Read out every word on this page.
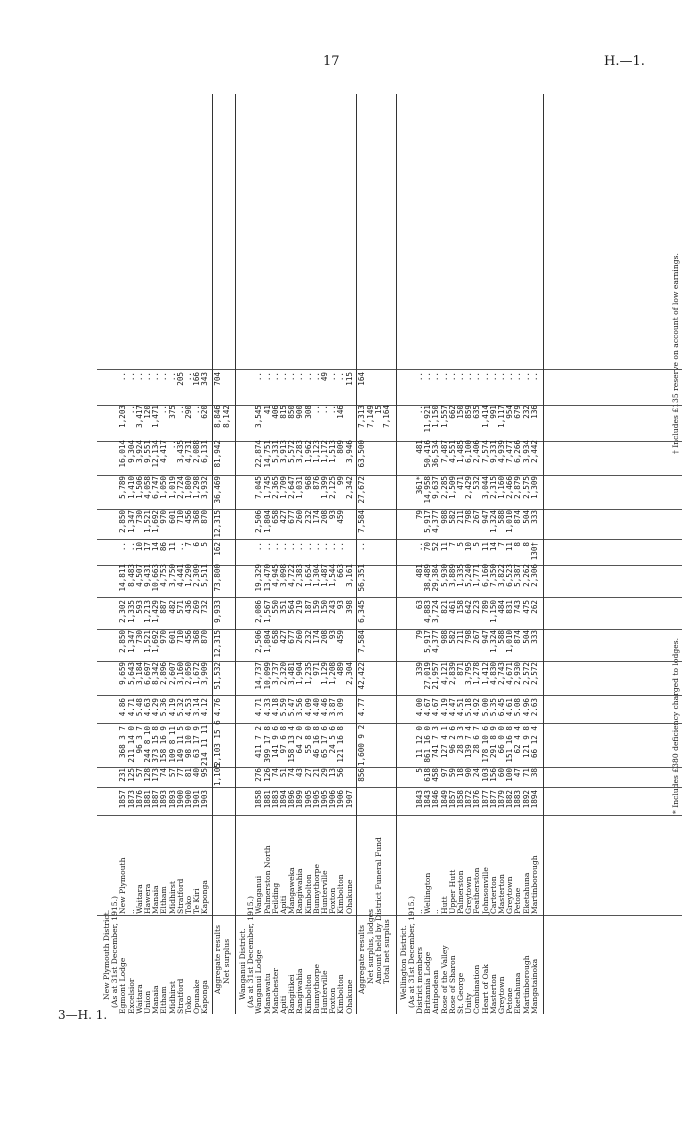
17	H.—1.
3—H. 1.
* Includes £380 deficiency charged to lodges.
† Includes £135 reserve on account of low earnings.
New Plymouth District. (As at 31st December, 1915.) Egmont Lodge
New Plymouth
1857
231
368 3 7
4.86
9,659
2,850
2,302
14,811
..
2,850
5,789
16,014
1,203
..
Excelsior
..
1873
125
211 14 0
4.71
5,643
1,347
1,335
8,483
..
1,347
1,410
9,304
..
..
Waitara
Waitara
1876
57
96 3 7
5.48
3,184
730
593
4,507
10
730
1,506
3,924
3,417
..
Union
Hawera
1881
128
244 8 10
4.63
6,697
1,521
1,213
9,431
17
1,521
4,058
9,551
120
..
Manaia
Manaia
1887
173
373 15 8
4.29
8,342
1,692
1,429
10,663
14
1,692
6,747
12,134
1,471
..
Eltham
Eltham
1893
74
158 16 9
5.36
2,896
970
887
4,753
86
970
1,050
4,417
..
..
Midhirst
Midhirst
1893
57
109 8 11
4.19
2,607
601
482
3,750
11
601
1,019
..
375
..
Stratford
Stratford
1900
77
149 11 5
5.32
3,160
710
571
4,441
..
710
2,724
3,435
..
205
Toko
Toko
1900
81
98 10 0
4.53
2,050
456
436
1,290
7
456
1,800
4,731
290
..
Opunake
Te Kiri
1901
40
63 17 9
3.14
1,672
368
269
2,309
6
368
1,298
2,088
..
166
Kaponga
Kaponga
1903
95
214 11 11
4.12
3,909
870
732
5,511
5
870
3,932
6,131
620
343
Aggregate results
1,105
2,103 15 6
4.76
51,532
12,315
9,933
73,800
162
12,315
36,469
81,942
8,846
704
Net surplus
8,142
Wanganui District. (As at 31st December, 1915.) Wanganui Lodge
Wanganui
1858
276
411 7 2
4.71
14,737
2,506
2,086
19,329
..
2,506
7,045
22,874
3,545
..
Manawatu
Palmerston North
1881
126
399 17 8
4.33
10,099
1,804
1,567
13,470
..
1,804
1,745
14,751
41
..
Manchester
Feilding
1883
74
141 9 6
4.18
3,737
658
550
4,945
..
658
2,365
5,331
406
..
Apiti
Apiti
1894
51
97 6 8
5.59
2,320
427
351
3,098
..
427
1,709
3,913
815
..
Rangitikei
Mangaweka
1896
74
158 13 4
5.47
3,481
677
564
4,722
..
677
2,647
5,572
850
..
Rangiwahia
Rangiwahia
1899
43
64 2 0
3.56
1,904
260
219
2,383
..
260
1,031
3,283
900
..
Kimbolton
Kimbolton
1905
27
55 8 0
4.09
1,235
232
187
1,654
..
232
968
1,962
308
..
Bunnythorpe
Bunnythorpe
1905
21
46 16 8
4.40
971
174
159
1,304
..
174
876
1,123
..
..
Hunterville
Hunterville
1905
29
65 17 6
4.46
1,129
208
150
1,487
..
208
1,399
1,172
..
49
Foxton
Foxton
1906
13
24 5 6
3.87
1,208
93
243
1,544
..
93
2,125
1,513
..
..
Kimbolton
Kimbolton
1906
56
121 16 8
3.09
489
459
93
663
..
459
99
809
146
..
Ohakune
Ohakune
1907
2,304
398
3,161
2,342
3,946
115
Aggregate results
856
1,600 9 2
4.77
42,422
7,584
6,345
56,351
..
7,584
27,672
63,500
7,313
164
Net surplus, lodges
7,149
Amount held by District Funeral Fund
15
Total net surplus
7,164
Wellington District. (As at 31st December, 1915.) District members
..
1843
5
11 12 0
4.00
339
79
63
481
..
79
361*
481
..
..
Britannia Lodge
Wellington
1843
618
861 16 0
4.67
27,019
5,917
4,883
38,489
70
5,917
14,958
50,416
11,921
..
Antipodean
..
1846
458
741 7 3
4.67
21,957
4,377
3,724
29,384
52
4,377
9,637
36,534
1,150
..
Rose of the Valley
Hutt
1849
97
127 4 1
4.19
4,121
988
821
5,930
11
988
2,285
7,487
1,557
..
Rose of Sharon
Upper Hutt
1857
59
96 2 6
4.47
2,839
582
461
3,889
7
582
1,509
4,551
662
..
St. George
Palmerston
1858
18
28 3 3
4.51
871
211
158
1,335
5
211
471
1,485
150
..
Unity
Greytown
1872
90
139 7 4
5.18
3,795
798
642
5,240
10
798
2,429
6,100
859
..
Combination
Featherston
1876
24
28 6 7
4.92
1,278
267
223
1,771
5
267
532
2,406
635
..
Heart of Oak
Johnsonville
1877
103
178 10 6
5.00
1,412
947
789
6,160
11
947
3,044
7,574
1,414
..
Masterton
Carterton
1877
156
291 8 9
5.35
4,830
1,324
1,150
7,350
14
1,324
2,315
9,331
991
..
Greytown
Masterton
1879
60
66 0 0
6.45
2,743
588
484
3,822
7
588
1,160
4,939
1,117
..
Petone
Greytown
1882
100
151 16 8
4.61
4,671
1,010
831
6,523
11
1,010
2,466
7,477
954
..
Eketahuna
Petone
1883
47
62 4 4
5.08
2,930
874
743
5,387
8
874
2,879
6,266
679
..
Martinborough
Eketahuna
1892
71
121 9 8
4.96
2,572
504
475
2,262
8
504
2,575
3,934
232
..
Mangatainoka
Martinborough
1894
38
66 12 4
2.63
2,572
333
262
2,306
130†
333
1,309
2,442
136
..
